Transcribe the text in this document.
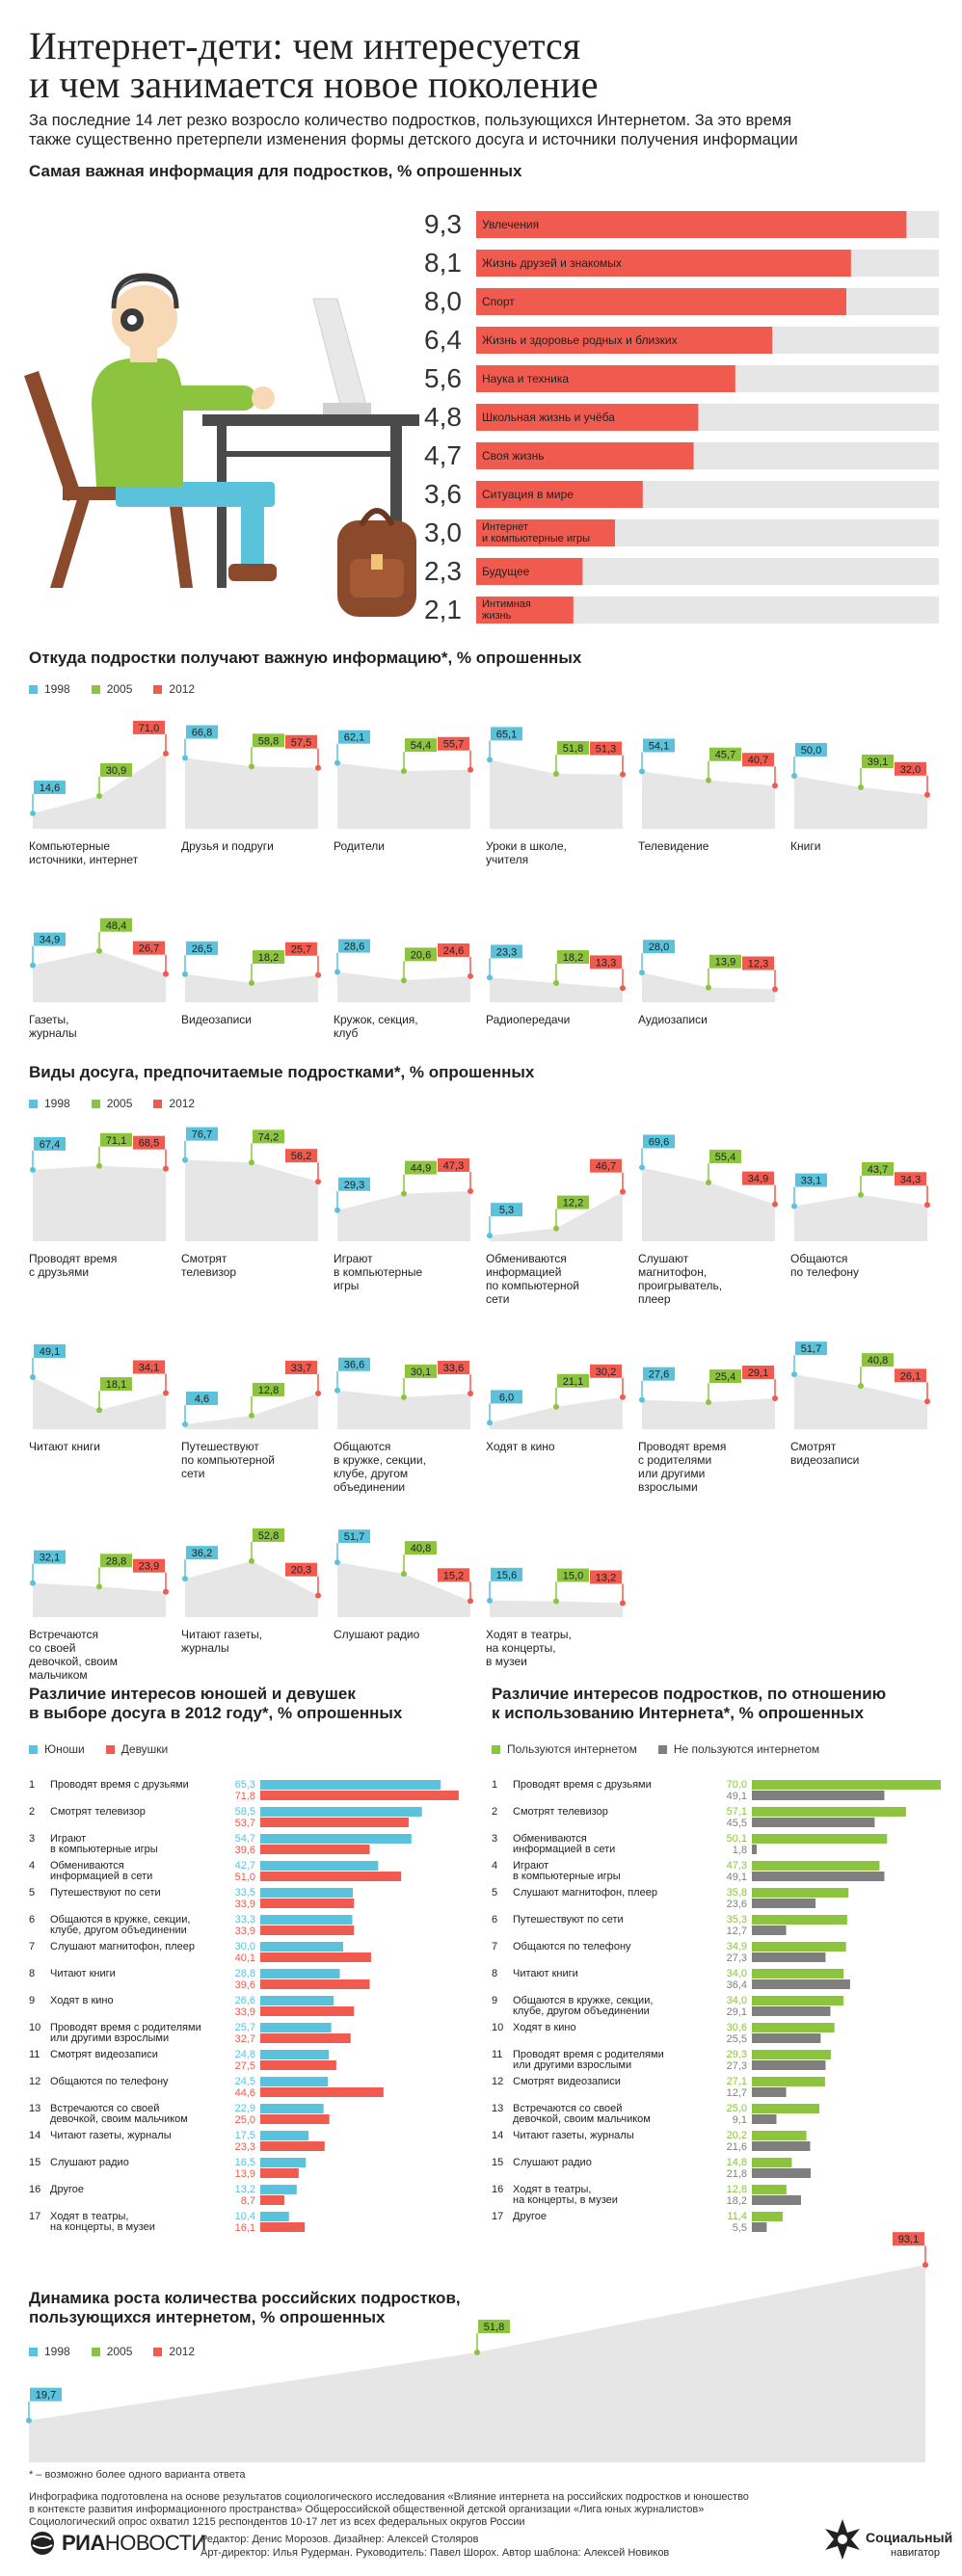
Интернет-дети: чем интересуется
и чем занимается новое поколение
За последние 14 лет резко возросло количество подростков, пользующихся Интернетом. За это время
также существенно претерпели изменения формы детского досуга и источники получения информации
Самая важная информация для подростков, % опрошенных
9,3 Увлечения
8,1 Жизнь друзей и знакомых
8,0 Спорт
6,4 Жизнь и здоровье родных и близких
5,6 Наука и техника
4,8 Школьная жизнь и учёба
4,7 Своя жизнь
3,6 Ситуация в мире
3,0 Интернет
и компьютерные игры
2,3 Будущее
2,1 Интимная
жизнь
Откуда подростки получают важную информацию*, % опрошенных
1998	2005	2012
14,6
30,9
71,0
Компьютерные
источники, интернет
66,8
58,8 57,5
Друзья и подруги
62,1
54,4 55,7
Родители
65,1
51,8 51,3
Уроки в школе,
учителя
54,1
45,7 40,7
Телевидение
50,0
39,1
32,0
Книги
34,9
48,4
26,7
Газеты,
журналы
26,5
18,2
25,7
Видеозаписи
28,6
20,6 24,6
Кружок, секция,
клуб
23,3	18,2 13,3
Радиопередачи
28,0
13,9 12,3
Аудиозаписи
Виды досуга, предпочитаемые подростками*, % опрошенных
1998	2005	2012
67,4	71,1 68,5
Проводят время
с друзьями
76,7	74,2
56,2
Смотрят
телевизор
29,3
44,9 47,3
Играют
в компьютерные
игры
5,3
12,2
46,7
Обмениваются
информацией
по компьютерной
сети
69,6
55,4
34,9
Слушают
магнитофон,
проигрыватель,
плеер
33,1
43,7
34,3
Общаются
по телефону
49,1
18,1
34,1
Читают книги
4,6
12,8
33,7
Путешествуют
по компьютерной
сети
36,6
30,1 33,6
Общаются
в кружке, секции,
клубе, другом
объединении
6,0
21,1
30,2
Ходят в кино
27,6	25,4 29,1
Проводят время
с родителями
или другими
взрослыми
51,7
40,8
26,1
Смотрят
видеозаписи
32,1	28,8 23,9
Встречаются
со своей
девочкой, своим
мальчиком
36,2
52,8
20,3
Читают газеты,
журналы
51,7
40,8
15,2
Слушают радио
15,6	15,0 13,2
Ходят в театры,
на концерты,
в музеи
Различие интересов юношей и девушек
в выборе досуга в 2012 году*, % опрошенных
Юноши	Девушки
1 Проводят время с друзьями	65,3
71,8
2 Смотрят телевизор	58,5
53,7
3 Играют
в компьютерные игры
54,7
39,6
4 Обмениваются
информацией в сети
42,7
51,0
5 Путешествуют по сети	33,5
33,9
6 Общаются в кружке, секции,
клубе, другом объединении
33,3
33,9
7 Слушают магнитофон, плеер	30,0
40,1
8 Читают книги	28,8
39,6
9 Ходят в кино	26,6
33,9
10 Проводят время с родителями
или другими взрослыми
25,7
32,7
11 Смотрят видеозаписи	24,8
27,5
12 Общаются по телефону	24,5
44,6
13 Встречаются со своей
девочкой, своим мальчиком
22,9
25,0
14 Читают газеты, журналы	17,5
23,3
15 Слушают радио	16,5
13,9
16 Другое	13,2
8,7
17 Ходят в театры,
на концерты, в музеи
10,4
16,1
Различие интересов подростков, по отношению
к использованию Интернета*, % опрошенных
Пользуются интернетом	Не пользуются интернетом
1 Проводят время с друзьями	70,0
49,1
2 Смотрят телевизор	57,1
45,5
3 Обмениваются
информацией в сети
50,1
1,8
4 Играют
в компьютерные игры
47,3
49,1
5 Слушают магнитофон, плеер	35,8
23,6
6 Путешествуют по сети	35,3
12,7
7 Общаются по телефону	34,9
27,3
8 Читают книги	34,0
36,4
9 Общаются в кружке, секции,
клубе, другом объединении
34,0
29,1
10 Ходят в кино	30,6
25,5
11 Проводят время с родителями
или другими взрослыми
29,3
27,3
12 Смотрят видеозаписи	27,1
12,7
13 Встречаются со своей
девочкой, своим мальчиком
25,0
9,1
14 Читают газеты, журналы	20,2
21,6
15 Слушают радио	14,8
21,8
16 Ходят в театры,
на концерты, в музеи
12,8
18,2
17 Другое	11,4
5,5
Динамика роста количества российских подростков,
пользующихся интернетом, % опрошенных
1998	2005	2012
19,7
51,8
93,1
* – возможно более одного варианта ответа
Инфографика подготовлена на основе результатов социологического исследования «Влияние интернета на российских подростков и юношество
в контексте развития информационного пространства» Общероссийской общественной детской организации «Лига юных журналистов»
Социологический опрос охватил 1215 респондентов 10-17 лет из всех федеральных округов России
РИАНОВОСТИ
Редактор: Денис Морозов. Дизайнер: Алексей Столяров
Арт-директор: Илья Рудерман. Руководитель: Павел Шорох. Автор шаблона: Алексей Новиков
Социальный
навигатор
